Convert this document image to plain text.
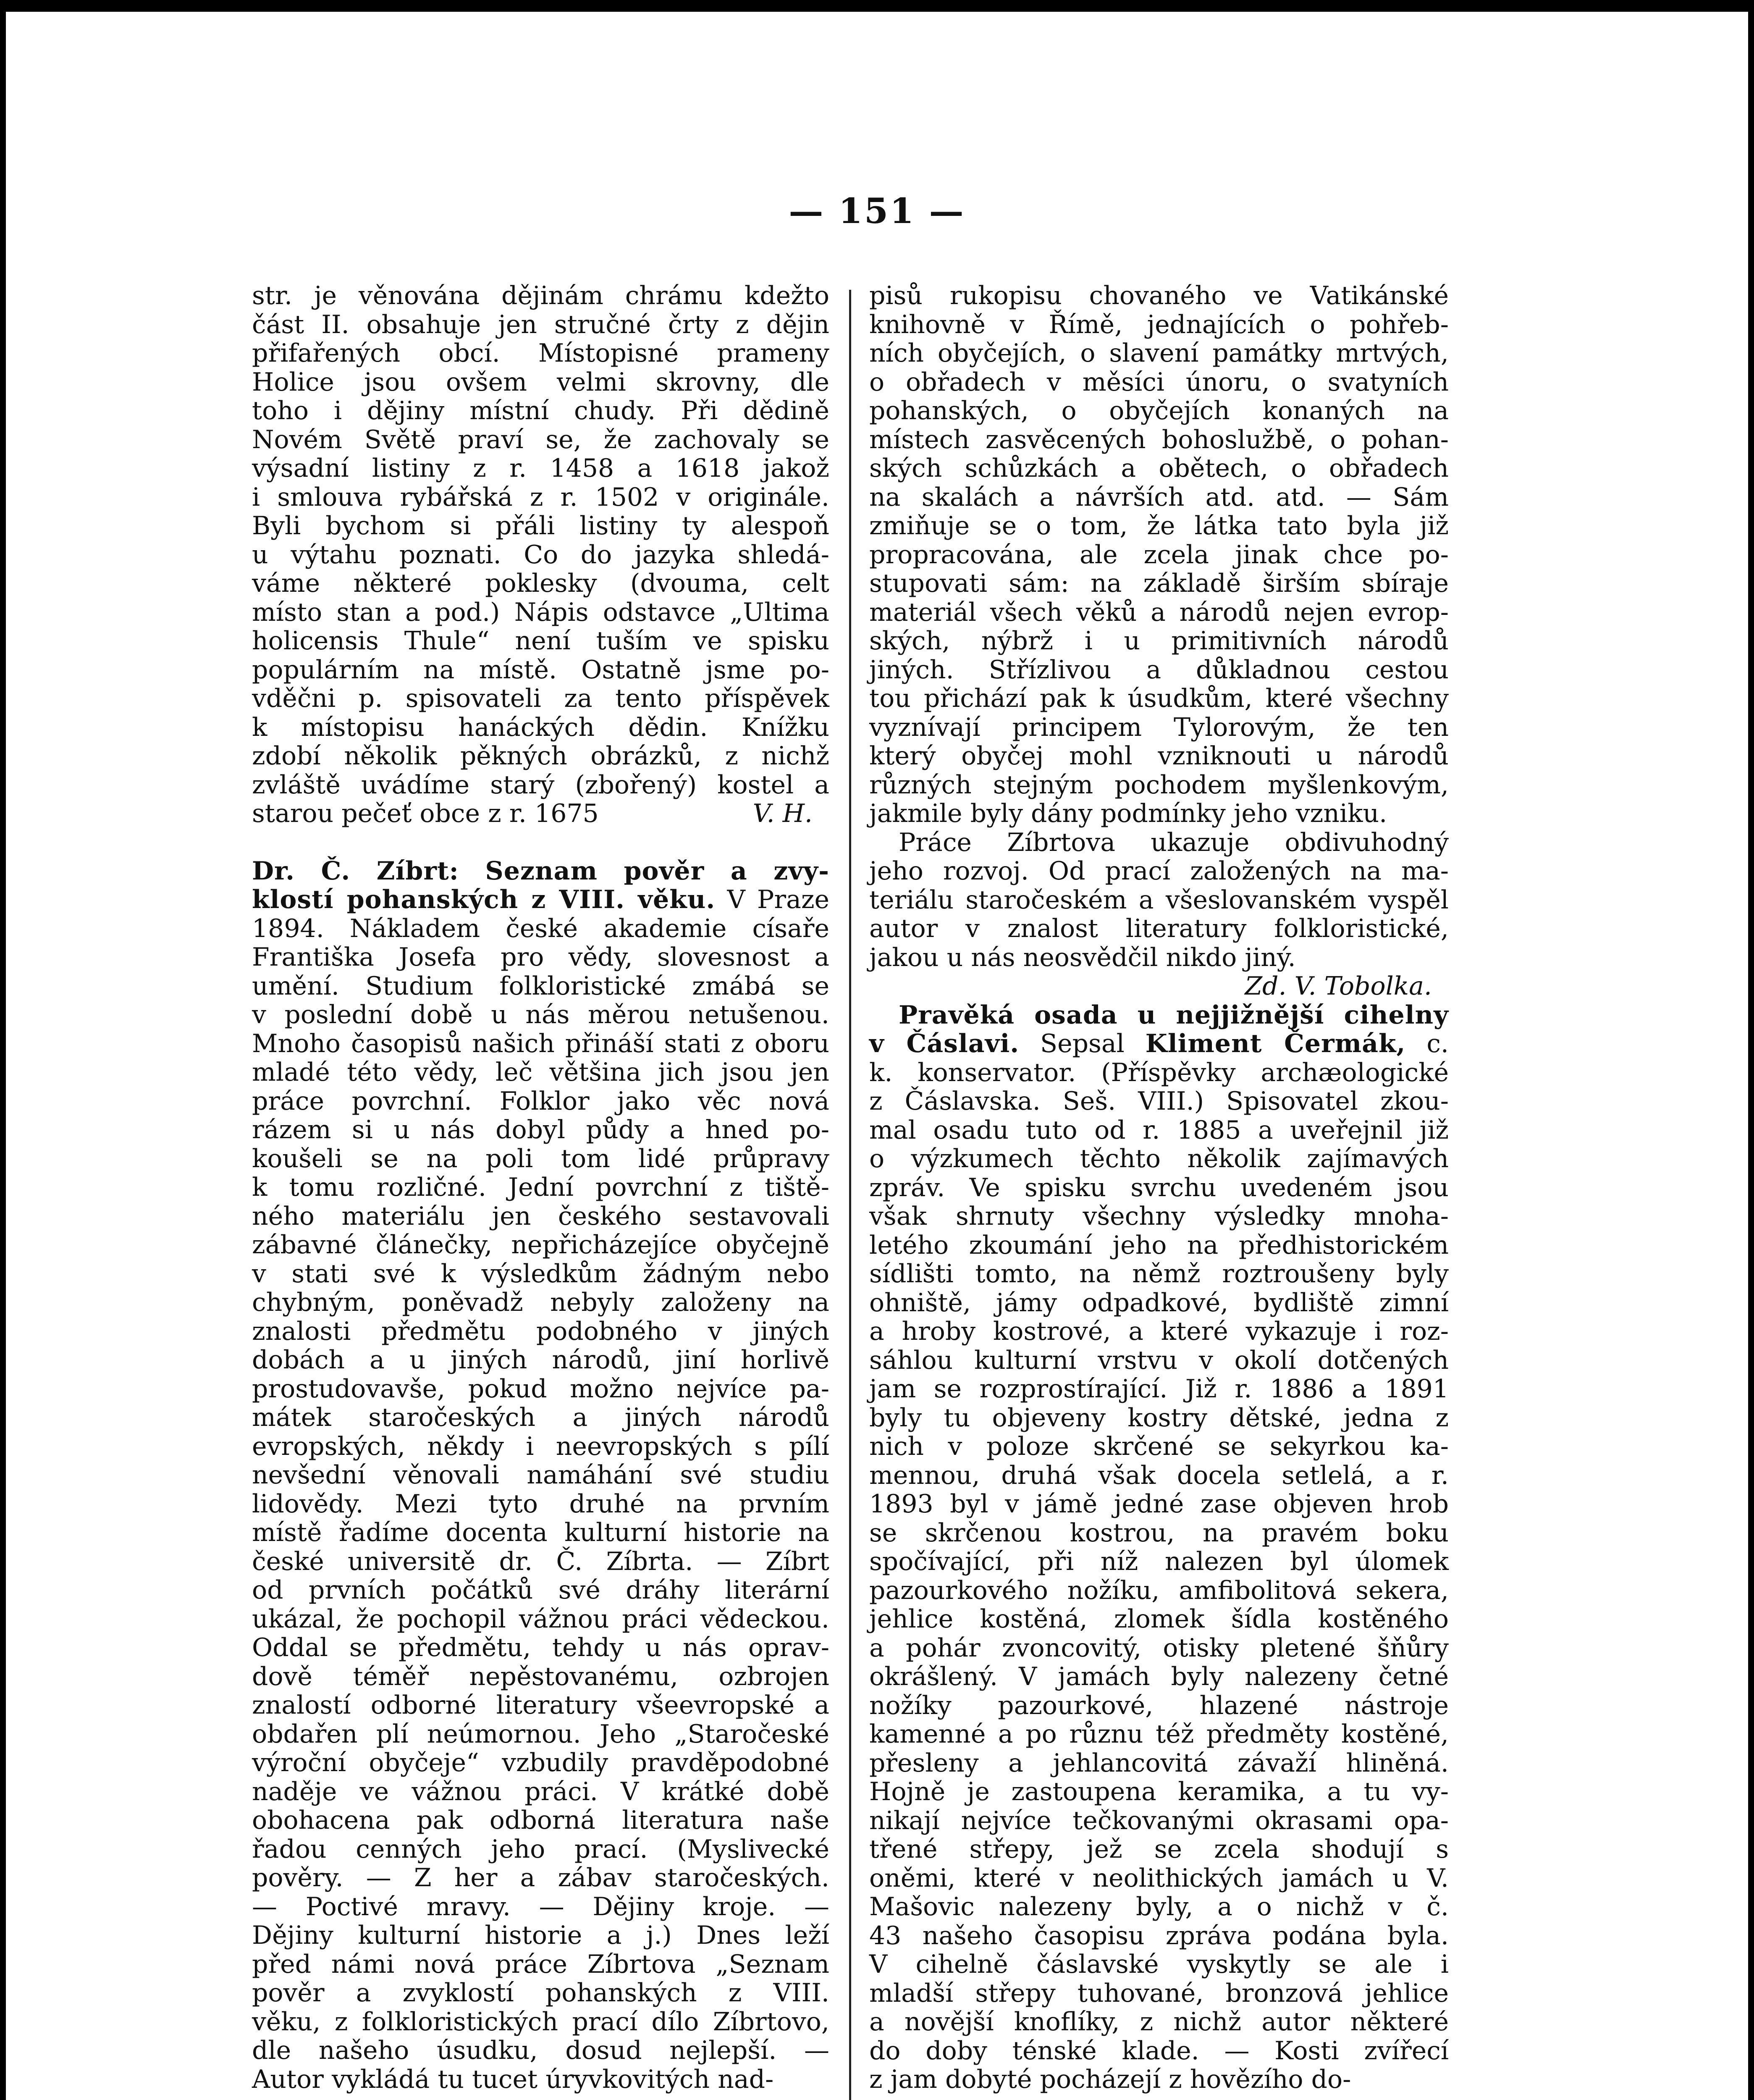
— 151 —
str. je věnována dějinám chrámu kdežto
část II. obsahuje jen stručné črty z dějin
přifařených obcí. Místopisné prameny
Holice jsou ovšem velmi skrovny, dle
toho i dějiny místní chudy. Při dědině
Novém Světě praví se, že zachovaly se
výsadní listiny z r. 1458 a 1618 jakož
i smlouva rybářská z r. 1502 v originále.
Byli bychom si přáli listiny ty alespoň
u výtahu poznati. Co do jazyka shledá-
váme některé poklesky (dvouma, celt
místo stan a pod.) Nápis odstavce „Ultima
holicensis Thule“ není tuším ve spisku
populárním na místě. Ostatně jsme po-
vděčni p. spisovateli za tento příspěvek
k místopisu hanáckých dědin. Knížku
zdobí několik pěkných obrázků, z nichž
zvláště uvádíme starý (zbořený) kostel a
starou pečeť obce z r. 1675	V. H.
Dr. Č. Zíbrt: Seznam pověr a zvy-
klostí pohanských z VIII. věku. V Praze
1894. Nákladem české akademie císaře
Františka Josefa pro vědy, slovesnost a
umění. Studium folkloristické zmábá se
v poslední době u nás měrou netušenou.
Mnoho časopisů našich přináší stati z oboru
mladé této vědy, leč většina jich jsou jen
práce povrchní. Folklor jako věc nová
rázem si u nás dobyl půdy a hned po-
koušeli se na poli tom lidé průpravy
k tomu rozličné. Jední povrchní z tiště-
ného materiálu jen českého sestavovali
zábavné článečky, nepřicházejíce obyčejně
v stati své k výsledkům žádným nebo
chybným, poněvadž nebyly založeny na
znalosti předmětu podobného v jiných
dobách a u jiných národů, jiní horlivě
prostudovavše, pokud možno nejvíce pa-
mátek staročeských a jiných národů
evropských, někdy i neevropských s pílí
nevšední věnovali namáhání své studiu
lidovědy. Mezi tyto druhé na prvním
místě řadíme docenta kulturní historie na
české universitě dr. Č. Zíbrta. — Zíbrt
od prvních počátků své dráhy literární
ukázal, že pochopil vážnou práci vědeckou.
Oddal se předmětu, tehdy u nás oprav-
dově téměř nepěstovanému, ozbrojen
znalostí odborné literatury všeevropské a
obdařen plí neúmornou. Jeho „Staročeské
výroční obyčeje“ vzbudily pravděpodobné
naděje ve vážnou práci. V krátké době
obohacena pak odborná literatura naše
řadou cenných jeho prací. (Myslivecké
pověry. — Z her a zábav staročeských.
— Poctivé mravy. — Dějiny kroje. —
Dějiny kulturní historie a j.) Dnes leží
před námi nová práce Zíbrtova „Seznam
pověr a zvyklostí pohanských z VIII.
věku, z folkloristických prací dílo Zíbrtovo,
dle našeho úsudku, dosud nejlepší. —
Autor vykládá tu tucet úryvkovitých nad-
pisů rukopisu chovaného ve Vatikánské
knihovně v Římě, jednajících o pohřeb-
ních obyčejích, o slavení památky mrtvých,
o obřadech v měsíci únoru, o svatyních
pohanských, o obyčejích konaných na
místech zasvěcených bohoslužbě, o pohan-
ských schůzkách a obětech, o obřadech
na skalách a návrších atd. atd. — Sám
zmiňuje se o tom, že látka tato byla již
propracována, ale zcela jinak chce po-
stupovati sám: na základě širším sbíraje
materiál všech věků a národů nejen evrop-
ských, nýbrž i u primitivních národů
jiných. Střízlivou a důkladnou cestou
tou přichází pak k úsudkům, které všechny
vyznívají principem Tylorovým, že ten
který obyčej mohl vzniknouti u národů
různých stejným pochodem myšlenkovým,
jakmile byly dány podmínky jeho vzniku.
Práce Zíbrtova ukazuje obdivuhodný
jeho rozvoj. Od prací založených na ma-
teriálu staročeském a všeslovanském vyspěl
autor v znalost literatury folkloristické,
jakou u nás neosvědčil nikdo jiný.
Zd. V. Tobolka.
Pravěká osada u nejjižnější cihelny
v Čáslavi. Sepsal Kliment Čermák, c.
k. konservator. (Příspěvky archæologické
z Čáslavska. Seš. VIII.) Spisovatel zkou-
mal osadu tuto od r. 1885 a uveřejnil již
o výzkumech těchto několik zajímavých
zpráv. Ve spisku svrchu uvedeném jsou
však shrnuty všechny výsledky mnoha-
letého zkoumání jeho na předhistorickém
sídlišti tomto, na němž roztroušeny byly
ohniště, jámy odpadkové, bydliště zimní
a hroby kostrové, a které vykazuje i roz-
sáhlou kulturní vrstvu v okolí dotčených
jam se rozprostírající. Již r. 1886 a 1891
byly tu objeveny kostry dětské, jedna z
nich v poloze skrčené se sekyrkou ka-
mennou, druhá však docela setlelá, a r.
1893 byl v jámě jedné zase objeven hrob
se skrčenou kostrou, na pravém boku
spočívající, při níž nalezen byl úlomek
pazourkového nožíku, amfibolitová sekera,
jehlice kostěná, zlomek šídla kostěného
a pohár zvoncovitý, otisky pletené šňůry
okrášlený. V jamách byly nalezeny četné
nožíky pazourkové, hlazené nástroje
kamenné a po různu též předměty kostěné,
přesleny a jehlancovitá závaží hliněná.
Hojně je zastoupena keramika, a tu vy-
nikají nejvíce tečkovanými okrasami opa-
třené střepy, jež se zcela shodují s
oněmi, které v neolithických jamách u V.
Mašovic nalezeny byly, a o nichž v č.
43 našeho časopisu zpráva podána byla.
V cihelně čáslavské vyskytly se ale i
mladší střepy tuhované, bronzová jehlice
a novější knoflíky, z nichž autor některé
do doby ténské klade. — Kosti zvířecí
z jam dobyté pocházejí z hovězího do-
